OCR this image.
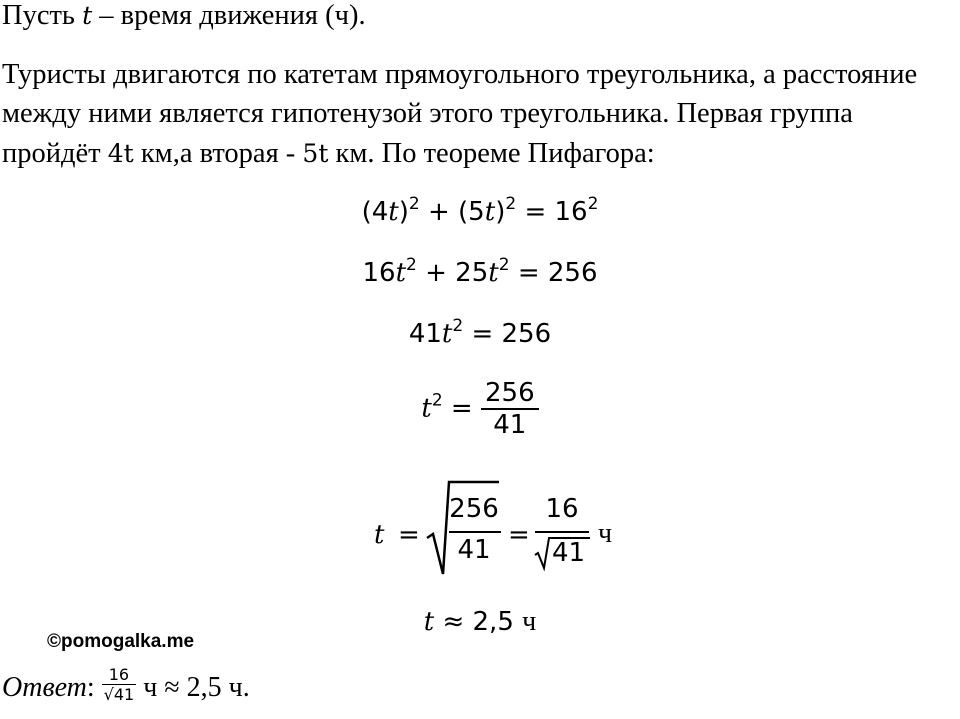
Пусть t – время движения (ч).
Туристы двигаются по катетам прямоугольного треугольника, а расстояние
между ними является гипотенузой этого треугольника. Первая группа
пройдёт 4t км,а вторая - 5t км. По теореме Пифагора:
$(4t)^2 + (5t)^2 = 16^2$
$16t^2 + 25t^2 = 256$
$41t^2 = 256$
$t^2 = \frac{256}{41}$
t =
256
41 =
16
41
ч
t ≈ 2,5 ч
©pomogalka.me
Ответ: $\frac{16}{√41}$ ч ≈ 2,5 ч.
